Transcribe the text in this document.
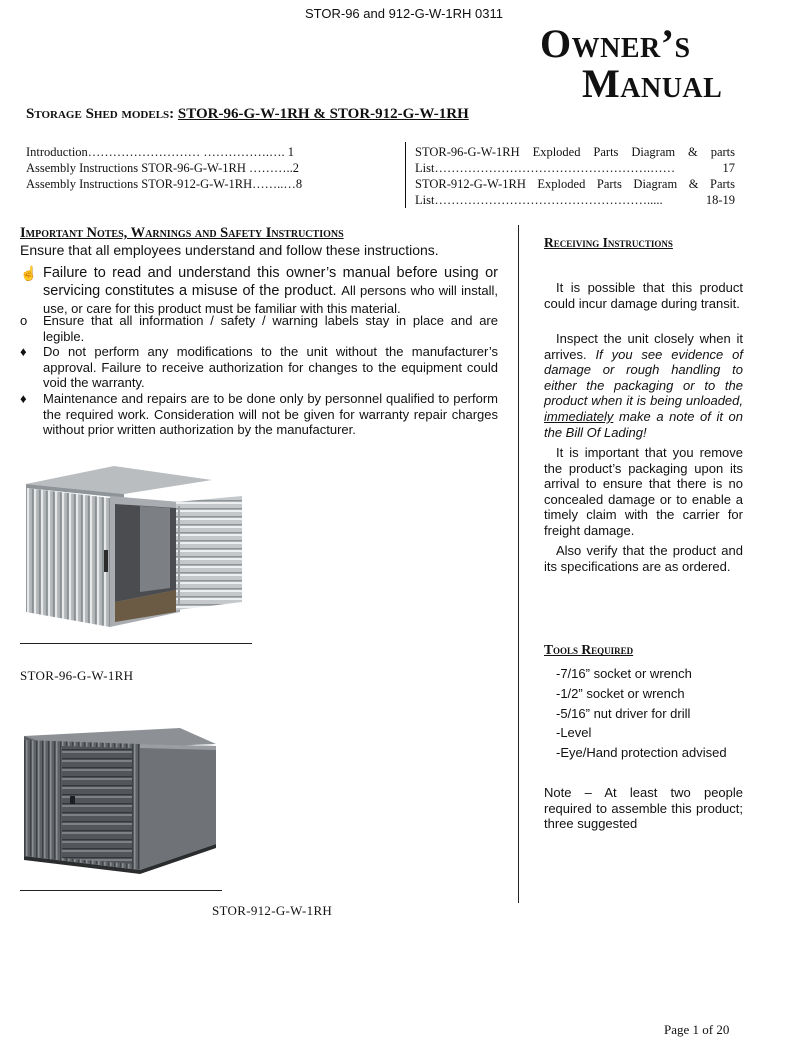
STOR-96 and 912-G-W-1RH 0311
Owner’s
Manual
Storage Shed models: STOR-96-G-W-1RH & STOR-912-G-W-1RH
Introduction……………………… …………….…. 1
Assembly Instructions STOR-96-G-W-1RH ………..2
Assembly Instructions STOR-912-G-W-1RH……..…8
STOR-96-G-W-1RH Exploded Parts Diagram & parts
List…………………………………………….…… 17
STOR-912-G-W-1RH Exploded Parts Diagram & Parts
List……………………………………………..... 18-19
Important Notes, Warnings and Safety Instructions
Ensure that all employees understand and follow these instructions.
☝ Failure to read and understand this owner’s manual before using or servicing constitutes a misuse of the product. All persons who will install, use, or care for this product must be familiar with this material.
o	Ensure that all information / safety / warning labels stay in place and are legible.
♦	Do not perform any modifications to the unit without the manufacturer’s approval. Failure to receive authorization for changes to the equipment could void the warranty.
♦	Maintenance and repairs are to be done only by personnel qualified to perform the required work. Consideration will not be given for warranty repair charges without prior written authorization by the manufacturer.
STOR-96-G-W-1RH
STOR-912-G-W-1RH
Receiving Instructions
It is possible that this product could incur damage during transit.
Inspect the unit closely when it arrives. If you see evidence of damage or rough handling to either the packaging or to the product when it is being unloaded, immediately make a note of it on the Bill Of Lading!
It is important that you remove the product’s packaging upon its arrival to ensure that there is no concealed damage or to enable a timely claim with the carrier for freight damage.
Also verify that the product and its specifications are as ordered.
Tools Required
-7/16” socket or wrench
-1/2” socket or wrench
-5/16” nut driver for drill
-Level
-Eye/Hand protection advised
Note – At least two people required to assemble this product; three suggested
Page 1 of 20
